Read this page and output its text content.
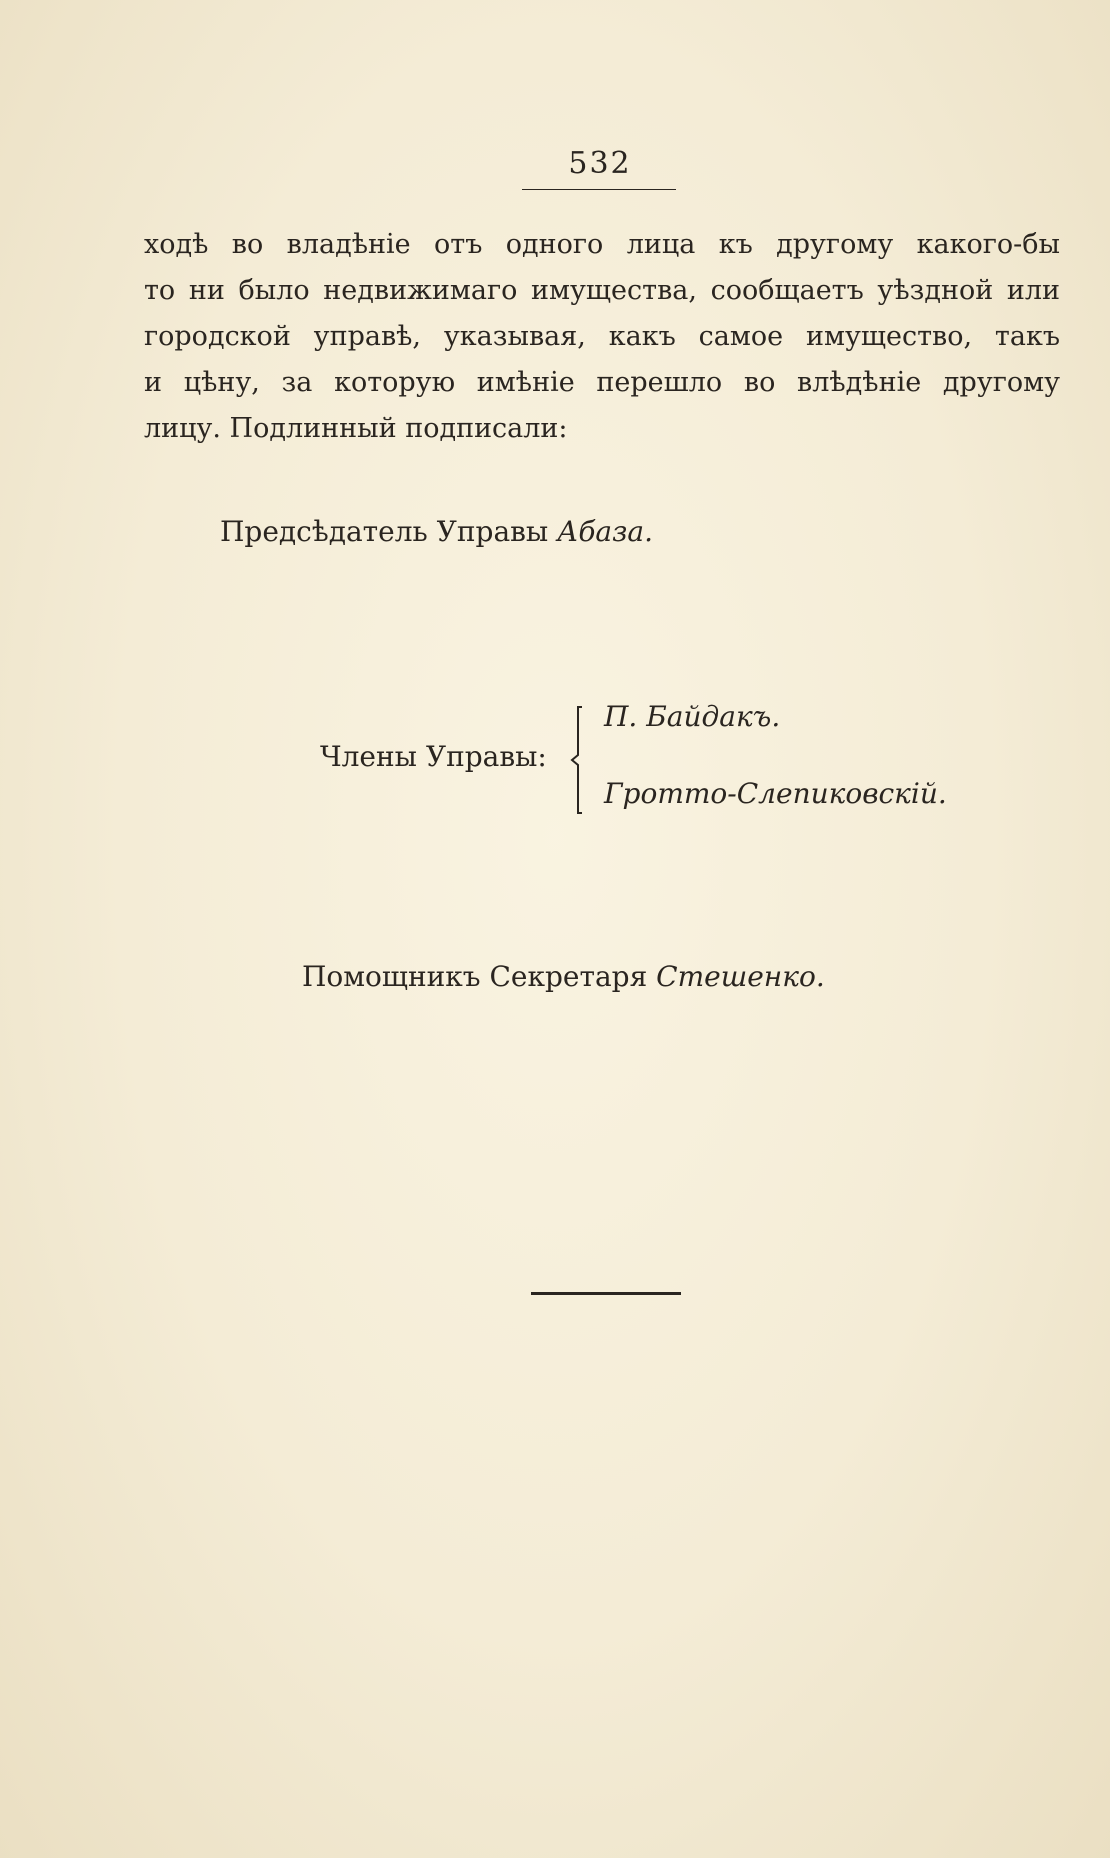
532
ходѣ во владѣніе отъ одного лица къ другому какого-бы
то ни было недвижимаго имущества, сообщаетъ уѣздной или
городской управѣ, указывая, какъ самое имущество, такъ
и цѣну, за которую имѣніе перешло во влѣдѣніе другому
лицу. Подлинный подписали:
Предсѣдатель Управы Абаза.
Члены Управы:
П. Байдакъ.
Гротто-Слепиковскій.
Помощникъ Секретаря Стешенко.
